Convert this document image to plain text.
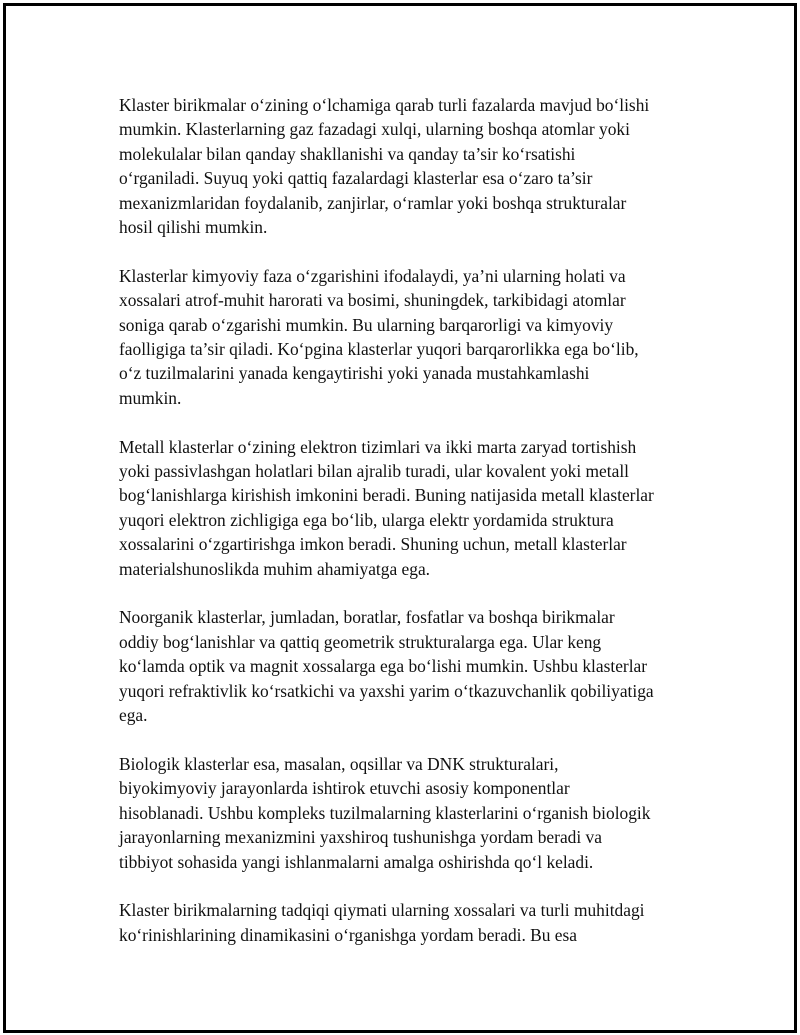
Klaster birikmalar o‘zining o‘lchamiga qarab turli fazalarda mavjud bo‘lishi
mumkin. Klasterlarning gaz fazadagi xulqi, ularning boshqa atomlar yoki
molekulalar bilan qanday shakllanishi va qanday ta’sir ko‘rsatishi
o‘rganiladi. Suyuq yoki qattiq fazalardagi klasterlar esa o‘zaro ta’sir
mexanizmlaridan foydalanib, zanjirlar, o‘ramlar yoki boshqa strukturalar
hosil qilishi mumkin.

Klasterlar kimyoviy faza o‘zgarishini ifodalaydi, ya’ni ularning holati va
xossalari atrof-muhit harorati va bosimi, shuningdek, tarkibidagi atomlar
soniga qarab o‘zgarishi mumkin. Bu ularning barqarorligi va kimyoviy
faolligiga ta’sir qiladi. Ko‘pgina klasterlar yuqori barqarorlikka ega bo‘lib,
o‘z tuzilmalarini yanada kengaytirishi yoki yanada mustahkamlashi
mumkin.

Metall klasterlar o‘zining elektron tizimlari va ikki marta zaryad tortishish
yoki passivlashgan holatlari bilan ajralib turadi, ular kovalent yoki metall
bog‘lanishlarga kirishish imkonini beradi. Buning natijasida metall klasterlar
yuqori elektron zichligiga ega bo‘lib, ularga elektr yordamida struktura
xossalarini o‘zgartirishga imkon beradi. Shuning uchun, metall klasterlar
materialshunoslikda muhim ahamiyatga ega.

Noorganik klasterlar, jumladan, boratlar, fosfatlar va boshqa birikmalar
oddiy bog‘lanishlar va qattiq geometrik strukturalarga ega. Ular keng
ko‘lamda optik va magnit xossalarga ega bo‘lishi mumkin. Ushbu klasterlar
yuqori refraktivlik ko‘rsatkichi va yaxshi yarim o‘tkazuvchanlik qobiliyatiga
ega.

Biologik klasterlar esa, masalan, oqsillar va DNK strukturalari,
biyokimyoviy jarayonlarda ishtirok etuvchi asosiy komponentlar
hisoblanadi. Ushbu kompleks tuzilmalarning klasterlarini o‘rganish biologik
jarayonlarning mexanizmini yaxshiroq tushunishga yordam beradi va
tibbiyot sohasida yangi ishlanmalarni amalga oshirishda qo‘l keladi.

Klaster birikmalarning tadqiqi qiymati ularning xossalari va turli muhitdagi
ko‘rinishlarining dinamikasini o‘rganishga yordam beradi. Bu esa
